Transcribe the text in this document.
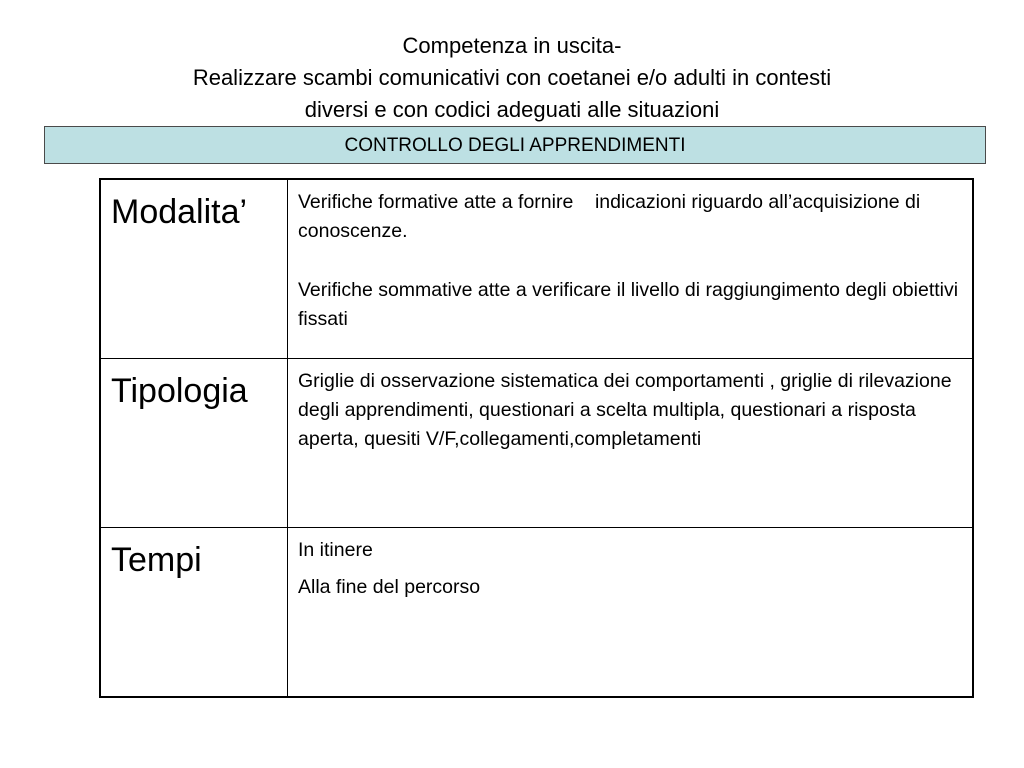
Competenza in uscita-
Realizzare scambi comunicativi con coetanei e/o adulti in contesti
diversi e con codici adeguati alle situazioni
CONTROLLO DEGLI APPRENDIMENTI
Modalita’	Verifiche formative atte a fornire    indicazioni riguardo all’acquisizione di conoscenze.

Verifiche sommative atte a verificare il livello di raggiungimento degli obiettivi fissati

Tipologia	Griglie di osservazione sistematica dei comportamenti , griglie di rilevazione degli apprendimenti, questionari a scelta multipla, questionari a risposta aperta, quesiti V/F,collegamenti,completamenti

Tempi	In itinere

Alla fine del percorso
